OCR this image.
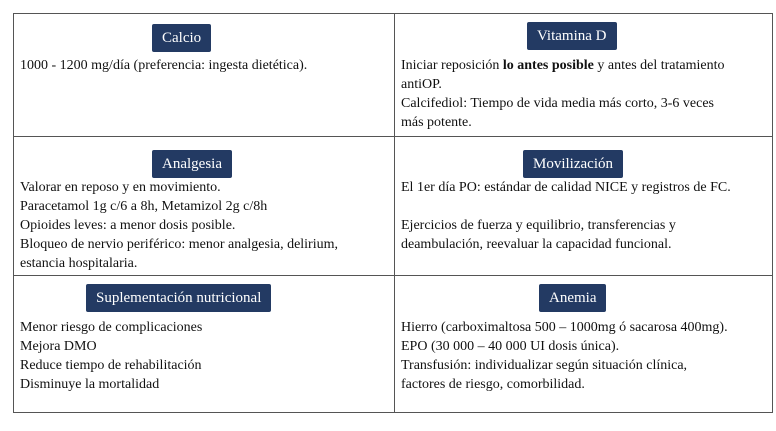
Calcio
1000 - 1200 mg/día (preferencia: ingesta dietética).
Vitamina D
Iniciar reposición lo antes posible y antes del tratamiento
antiOP.
Calcifediol: Tiempo de vida media más corto, 3-6 veces
más potente.
Analgesia
Valorar en reposo y en movimiento.
Paracetamol 1g c/6 a 8h, Metamizol 2g c/8h
Opioides leves: a menor dosis posible.
Bloqueo de nervio periférico: menor analgesia, delirium,
estancia hospitalaria.
Movilización
El 1er día PO: estándar de calidad NICE y registros de FC.
Ejercicios de fuerza y equilibrio, transferencias y
deambulación, reevaluar la capacidad funcional.
Suplementación nutricional
Menor riesgo de complicaciones
Mejora DMO
Reduce tiempo de rehabilitación
Disminuye la mortalidad
Anemia
Hierro (carboximaltosa 500 – 1000mg ó sacarosa 400mg).
EPO (30 000 – 40 000 UI dosis única).
Transfusión: individualizar según situación clínica,
factores de riesgo, comorbilidad.
